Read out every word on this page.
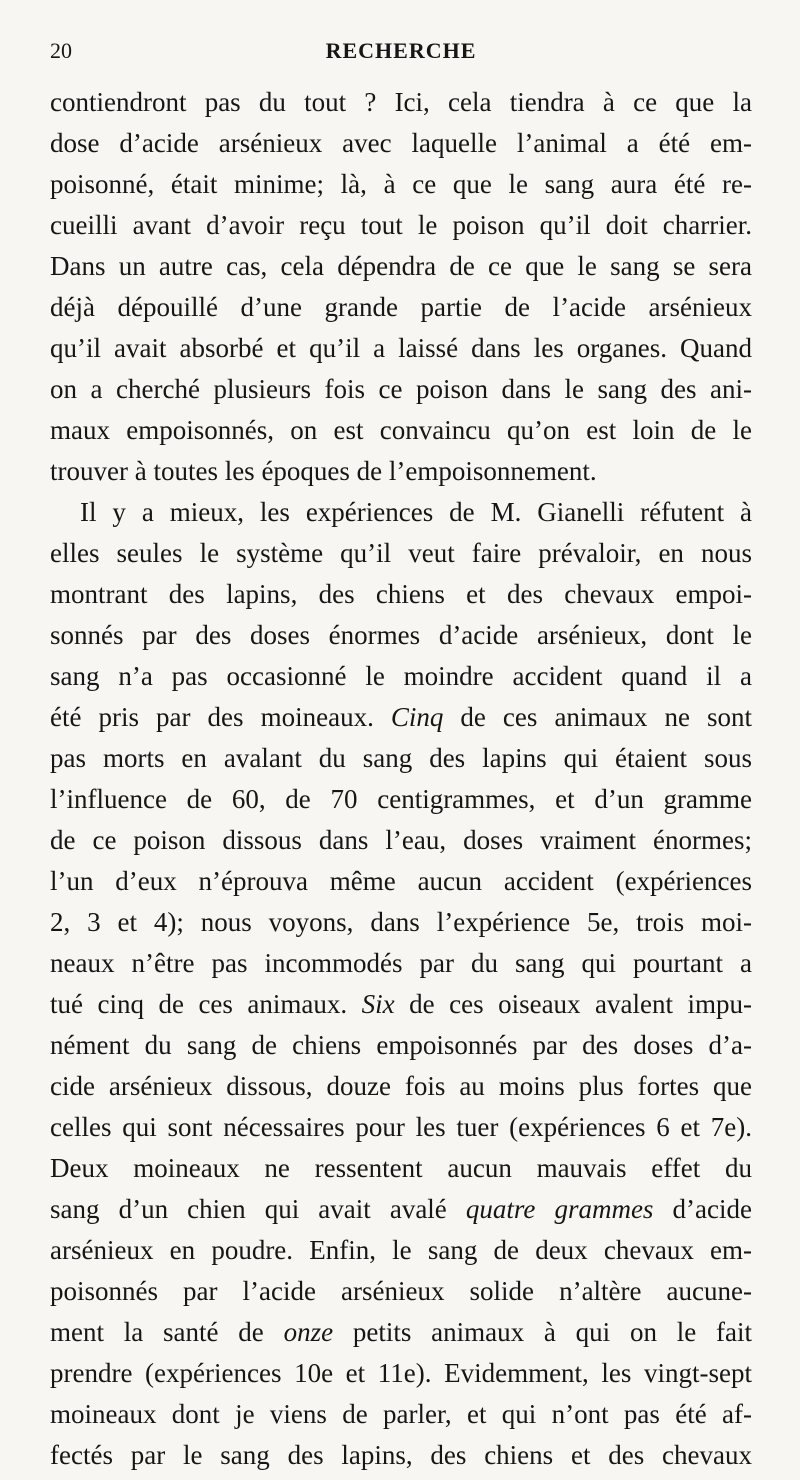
20	RECHERCHE
contiendront pas du tout ? Ici, cela tiendra à ce que la
dose d’acide arsénieux avec laquelle l’animal a été em-
poisonné, était minime; là, à ce que le sang aura été re-
cueilli avant d’avoir reçu tout le poison qu’il doit charrier.
Dans un autre cas, cela dépendra de ce que le sang se sera
déjà dépouillé d’une grande partie de l’acide arsénieux
qu’il avait absorbé et qu’il a laissé dans les organes. Quand
on a cherché plusieurs fois ce poison dans le sang des ani-
maux empoisonnés, on est convaincu qu’on est loin de le
trouver à toutes les époques de l’empoisonnement.
Il y a mieux, les expériences de M. Gianelli réfutent à
elles seules le système qu’il veut faire prévaloir, en nous
montrant des lapins, des chiens et des chevaux empoi-
sonnés par des doses énormes d’acide arsénieux, dont le
sang n’a pas occasionné le moindre accident quand il a
été pris par des moineaux. Cinq de ces animaux ne sont
pas morts en avalant du sang des lapins qui étaient sous
l’influence de 60, de 70 centigrammes, et d’un gramme
de ce poison dissous dans l’eau, doses vraiment énormes;
l’un d’eux n’éprouva même aucun accident (expériences
2, 3 et 4); nous voyons, dans l’expérience 5e, trois moi-
neaux n’être pas incommodés par du sang qui pourtant a
tué cinq de ces animaux. Six de ces oiseaux avalent impu-
nément du sang de chiens empoisonnés par des doses d’a-
cide arsénieux dissous, douze fois au moins plus fortes que
celles qui sont nécessaires pour les tuer (expériences 6 et 7e).
Deux moineaux ne ressentent aucun mauvais effet du
sang d’un chien qui avait avalé quatre grammes d’acide
arsénieux en poudre. Enfin, le sang de deux chevaux em-
poisonnés par l’acide arsénieux solide n’altère aucune-
ment la santé de onze petits animaux à qui on le fait
prendre (expériences 10e et 11e). Evidemment, les vingt-sept
moineaux dont je viens de parler, et qui n’ont pas été af-
fectés par le sang des lapins, des chiens et des chevaux
